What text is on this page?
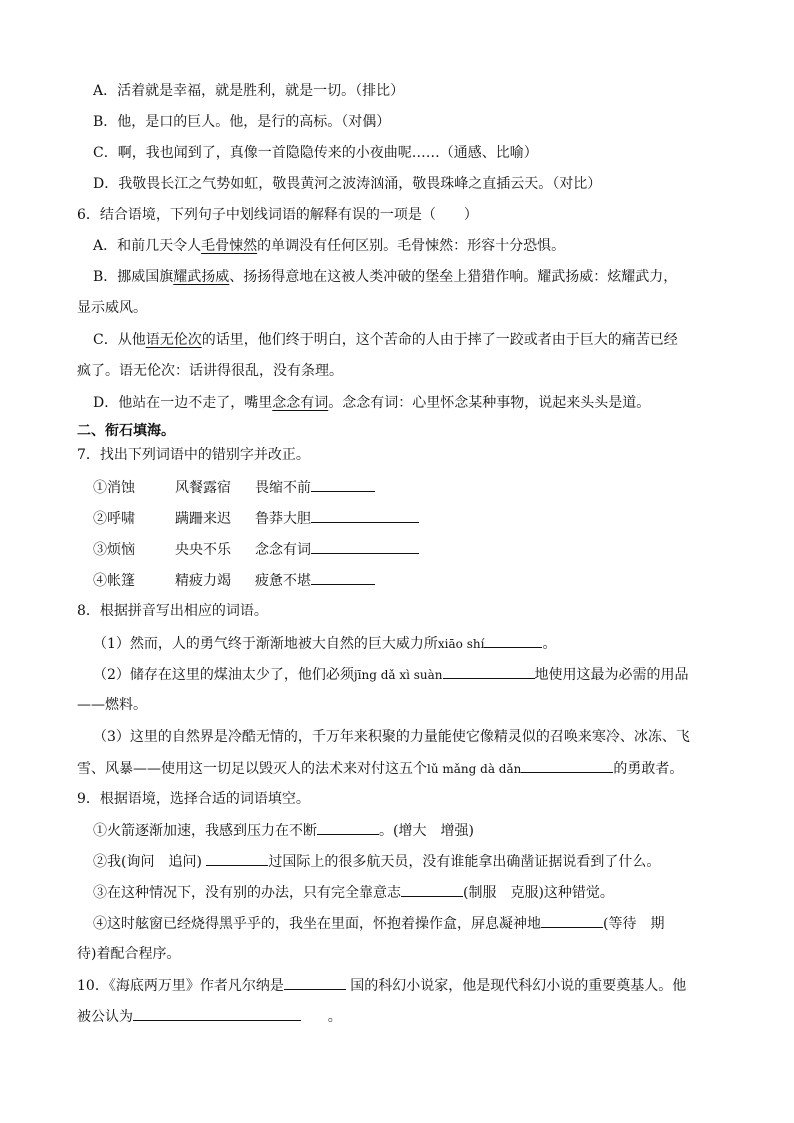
A．活着就是幸福，就是胜利，就是一切。（排比）
B．他，是口的巨人。他，是行的高标。（对偶）
C．啊，我也闻到了，真像一首隐隐传来的小夜曲呢……（通感、比喻）
D．我敬畏长江之气势如虹，敬畏黄河之波涛汹涌，敬畏珠峰之直插云天。（对比）
6．结合语境，下列句子中划线词语的解释有误的一项是（　　）
A．和前几天令人毛骨悚然的单调没有任何区别。毛骨悚然：形容十分恐惧。
B．挪威国旗耀武扬威、扬扬得意地在这被人类冲破的堡垒上猎猎作响。耀武扬威：炫耀武力，
显示威风。
C．从他语无伦次的话里，他们终于明白，这个苦命的人由于摔了一跤或者由于巨大的痛苦已经
疯了。语无伦次：话讲得很乱，没有条理。
D．他站在一边不走了，嘴里念念有词。念念有词：心里怀念某种事物，说起来头头是道。
二、衔石填海。
7．找出下列词语中的错别字并改正。
①消蚀	风餐露宿 畏缩不前
②呼啸	蹒跚来迟 鲁莽大胆
③烦恼	央央不乐 念念有词
④帐篷	精疲力竭 疲惫不堪
8．根据拼音写出相应的词语。
（1）然而，人的勇气终于渐渐地被大自然的巨大威力所xiāo shí	。
（2）储存在这里的煤油太少了，他们必须jīng dǎ xì suàn	地使用这最为必需的用品
——燃料。
（3）这里的自然界是冷酷无情的，千万年来积聚的力量能使它像精灵似的召唤来寒冷、冰冻、飞
雪、风暴——使用这一切足以毁灭人的法术来对付这五个lǔ mǎng dà dǎn	的勇敢者。
9．根据语境，选择合适的词语填空。
①火箭逐渐加速，我感到压力在不断	。(增大　增强)
②我(询问　追问)	过国际上的很多航天员，没有谁能拿出确凿证据说看到了什么。
③在这种情况下，没有别的办法，只有完全靠意志	(制服　克服)这种错觉。
④这时舷窗已经烧得黑乎乎的，我坐在里面，怀抱着操作盒，屏息凝神地	(等待　期
待)着配合程序。
10．《海底两万里》作者凡尔纳是	国的科幻小说家，他是现代科幻小说的重要奠基人。他
被公认为	。
